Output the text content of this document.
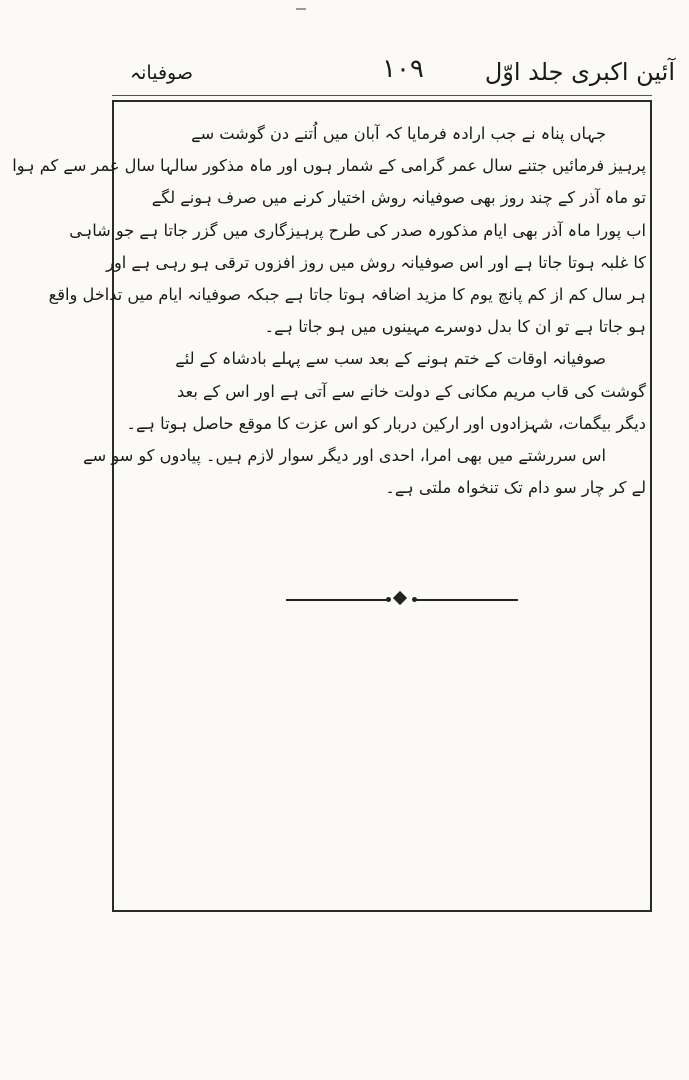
آئین اکبری جلد اوّل
۱۰۹
صوفیانہ
جہاں پناہ نے جب ارادہ فرمایا کہ آبان میں اُتنے دن گوشت سے
پرہیز فرمائیں جتنے سال عمر گرامی کے شمار ہوں اور ماہ مذکور سالہا سال عمر سے کم ہوا
تو ماہ آذر کے چند روز بھی صوفیانہ روش اختیار کرنے میں صرف ہونے لگے
اب پورا ماہ آذر بھی ایام مذکورہ صدر کی طرح پرہیزگاری میں گزر جاتا ہے جو شاہی
کا غلبہ ہوتا جاتا ہے اور اس صوفیانہ روش میں روز افزوں ترقی ہو رہی ہے اور
ہر سال کم از کم پانچ یوم کا مزید اضافہ ہوتا جاتا ہے جبکہ صوفیانہ ایام میں تداخل واقع
ہو جاتا ہے تو ان کا بدل دوسرے مہینوں میں ہو جاتا ہے۔
صوفیانہ اوقات کے ختم ہونے کے بعد سب سے پہلے بادشاہ کے لئے
گوشت کی قاب مریم مکانی کے دولت خانے سے آتی ہے اور اس کے بعد
دیگر بیگمات، شہزادوں اور ارکین دربار کو اس عزت کا موقع حاصل ہوتا ہے۔
اس سررشتے میں بھی امرا، احدی اور دیگر سوار لازم ہیں۔ پیادوں کو سو سے
لے کر چار سو دام تک تنخواہ ملتی ہے۔
